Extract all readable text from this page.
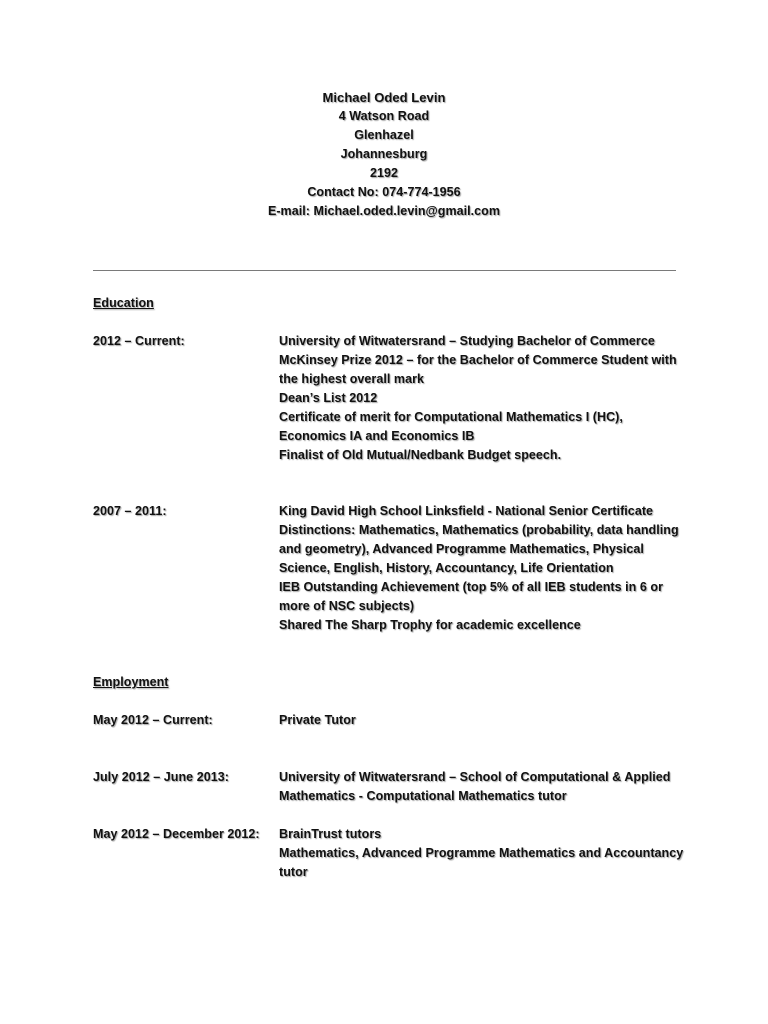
Michael Oded Levin
4 Watson Road
Glenhazel
Johannesburg
2192
Contact No: 074-774-1956
E-mail: Michael.oded.levin@gmail.com
Education
2012 – Current:	University of Witwatersrand – Studying Bachelor of Commerce
McKinsey Prize 2012 – for the Bachelor of Commerce Student with
the highest overall mark
Dean’s List 2012
Certificate of merit for Computational Mathematics I (HC),
Economics IA and Economics IB
Finalist of Old Mutual/Nedbank Budget speech.
2007 – 2011:	King David High School Linksfield - National Senior Certificate
Distinctions: Mathematics, Mathematics (probability, data handling
and geometry), Advanced Programme Mathematics, Physical
Science, English, History, Accountancy, Life Orientation
IEB Outstanding Achievement (top 5% of all IEB students in 6 or
more of NSC subjects)
Shared The Sharp Trophy for academic excellence
Employment
May 2012 – Current:	Private Tutor
July 2012 – June 2013:	University of Witwatersrand – School of Computational & Applied
Mathematics - Computational Mathematics tutor
May 2012 – December 2012: BrainTrust tutors
Mathematics, Advanced Programme Mathematics and Accountancy
tutor
